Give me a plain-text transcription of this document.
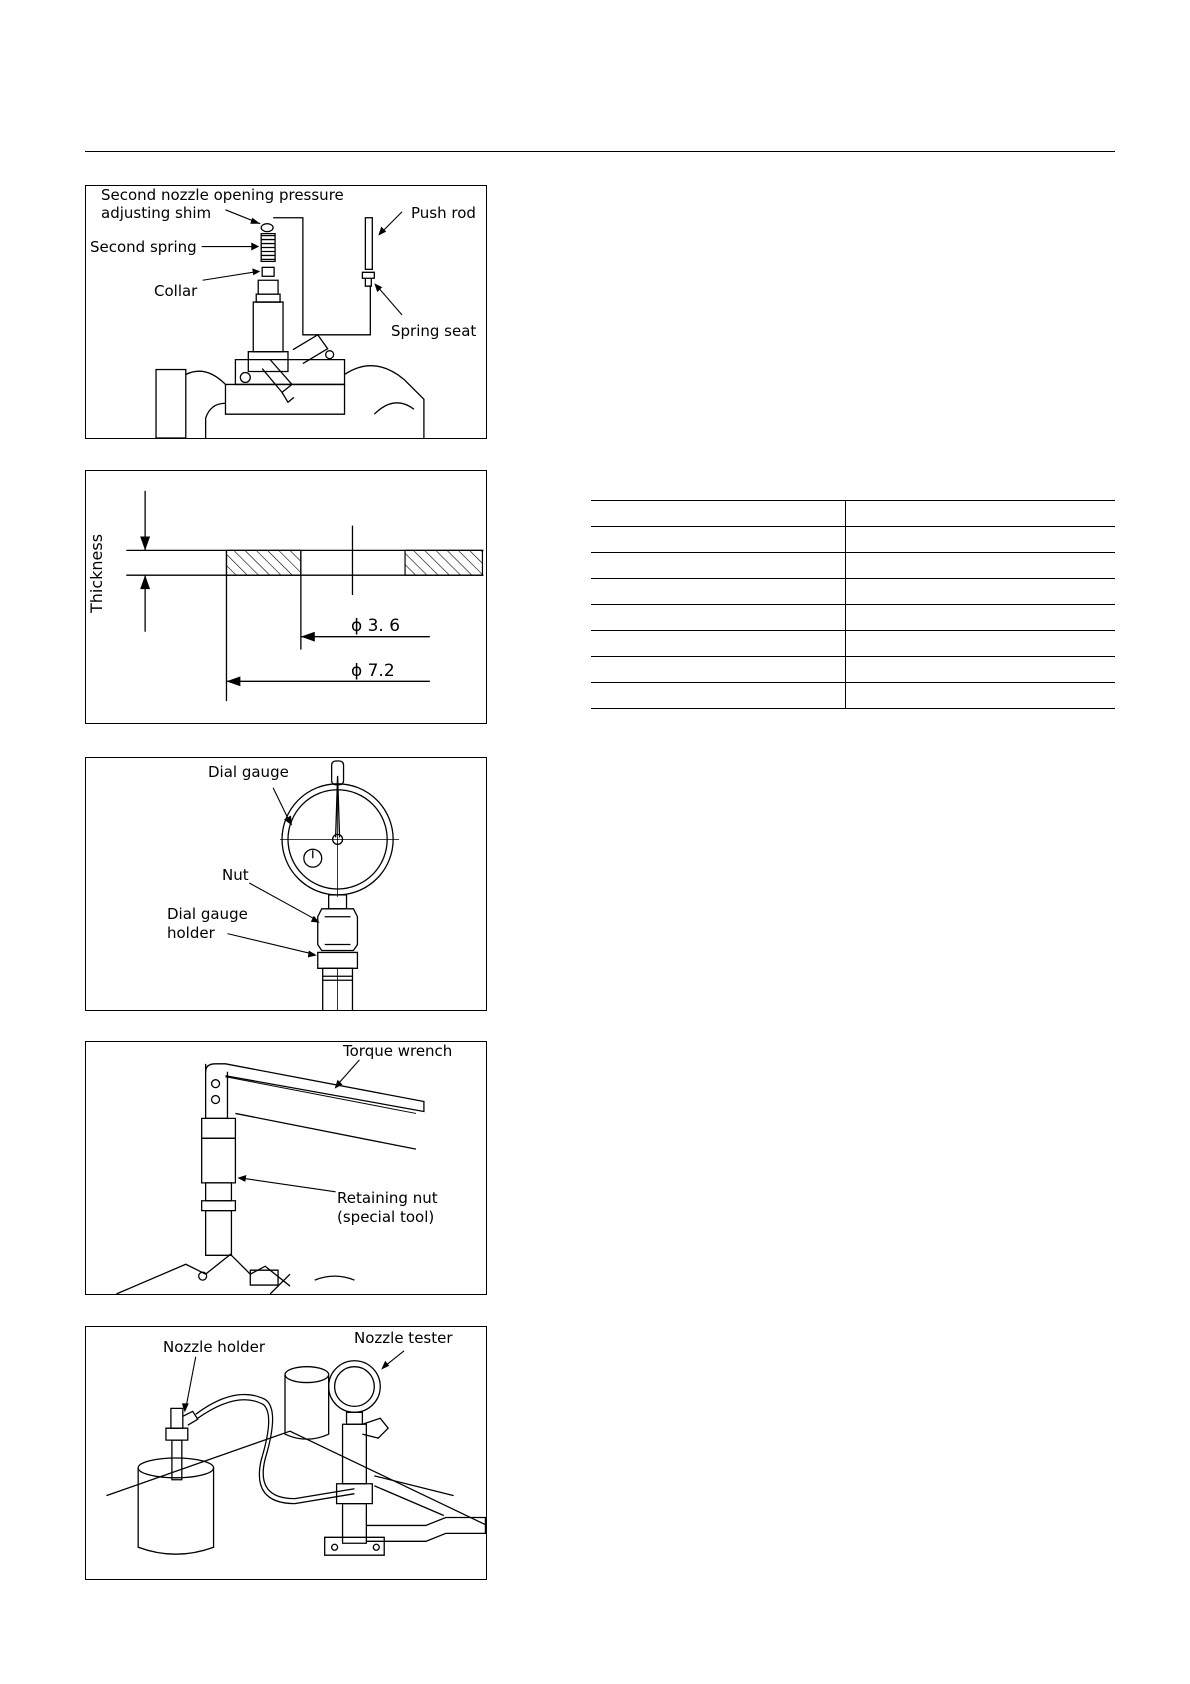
Second nozzle opening pressure
adjusting shim
Second spring
Collar
Push rod
Spring seat
Thickness
ϕ 3. 6
ϕ 7.2
Dial gauge
Nut
Dial gauge
holder
Torque wrench
Retaining nut
(special tool)
Nozzle holder	Nozzle tester
